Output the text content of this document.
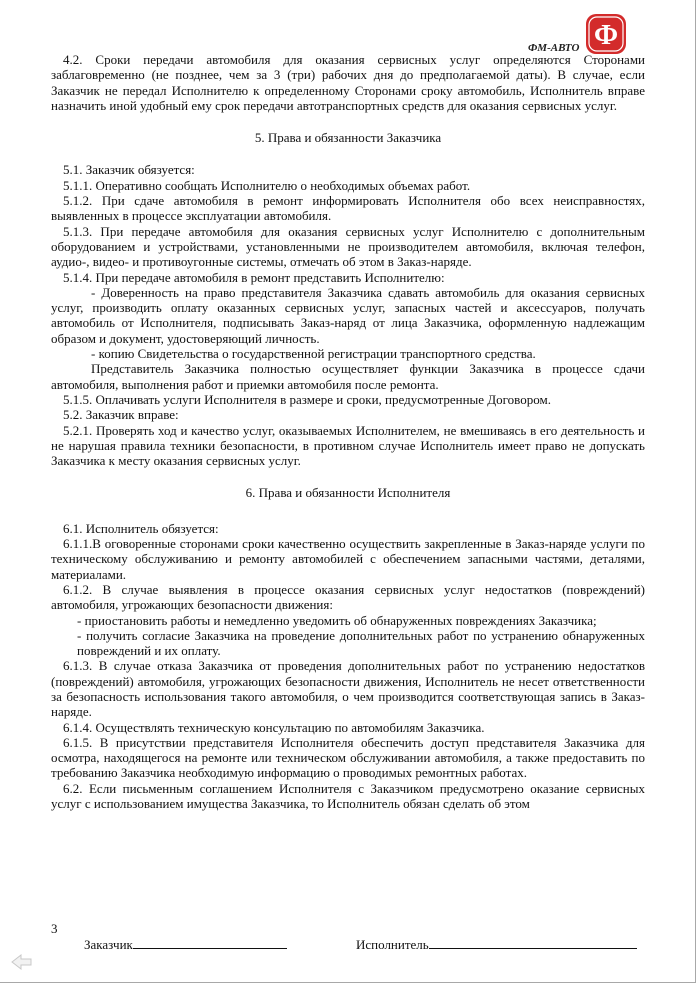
Ф
ФМ-АВТО

4.2. Сроки передачи автомобиля для оказания сервисных услуг определяются Сторонами заблаговременно (не позднее, чем за 3 (три) рабочих дня до предполагаемой даты). В случае, если Заказчик не передал Исполнителю к определенному Сторонами сроку автомобиль, Исполнитель вправе назначить иной удобный ему срок передачи автотранспортных средств для оказания сервисных услуг.

5. Права и обязанности Заказчика

5.1. Заказчик обязуется:

5.1.1. Оперативно сообщать Исполнителю о необходимых объемах работ.

5.1.2. При сдаче автомобиля в ремонт информировать Исполнителя обо всех неисправностях, выявленных в процессе эксплуатации автомобиля.

5.1.3. При передаче автомобиля для оказания сервисных услуг Исполнителю с дополнительным оборудованием и устройствами, установленными не производителем автомобиля, включая телефон, аудио-, видео- и противоугонные системы, отмечать об этом в Заказ-наряде.

5.1.4. При передаче автомобиля в ремонт представить Исполнителю:

- Доверенность на право представителя Заказчика сдавать автомобиль для оказания сервисных услуг, производить оплату оказанных сервисных услуг, запасных частей и аксессуаров, получать автомобиль от Исполнителя, подписывать Заказ-наряд от лица Заказчика, оформленную надлежащим образом и документ, удостоверяющий личность.

- копию Свидетельства о государственной регистрации транспортного средства.

Представитель Заказчика полностью осуществляет функции Заказчика в процессе сдачи автомобиля, выполнения работ и приемки автомобиля после ремонта.

5.1.5. Оплачивать услуги Исполнителя в размере и сроки, предусмотренные Договором.

5.2. Заказчик вправе:

5.2.1. Проверять ход и качество услуг, оказываемых Исполнителем, не вмешиваясь в его деятельность и не нарушая правила техники безопасности, в противном случае Исполнитель имеет право не допускать Заказчика к месту оказания сервисных услуг.

6. Права и обязанности Исполнителя

6.1. Исполнитель обязуется:

6.1.1.В оговоренные сторонами сроки качественно осуществить закрепленные в Заказ-наряде услуги по техническому обслуживанию и ремонту автомобилей с обеспечением запасными частями, деталями, материалами.

6.1.2. В случае выявления в процессе оказания сервисных услуг недостатков (повреждений) автомобиля, угрожающих безопасности движения:

- приостановить работы и немедленно уведомить об обнаруженных повреждениях Заказчика;

- получить согласие Заказчика на проведение дополнительных работ по устранению обнаруженных повреждений и их оплату.

6.1.3. В случае отказа Заказчика от проведения дополнительных работ по устранению недостатков (повреждений) автомобиля, угрожающих безопасности движения, Исполнитель не несет ответственности за безопасность использования такого автомобиля, о чем производится соответствующая запись в Заказ-наряде.

6.1.4. Осуществлять техническую консультацию по автомобилям Заказчика.

6.1.5. В присутствии представителя Исполнителя обеспечить доступ представителя Заказчика для осмотра, находящегося на ремонте или техническом обслуживании автомобиля, а также предоставить по требованию Заказчика необходимую информацию о проводимых ремонтных работах.

6.2. Если письменным соглашением Исполнителя с Заказчиком предусмотрено оказание сервисных услуг с использованием имущества Заказчика, то Исполнитель обязан сделать об этом

3
Заказчик	Исполнитель
